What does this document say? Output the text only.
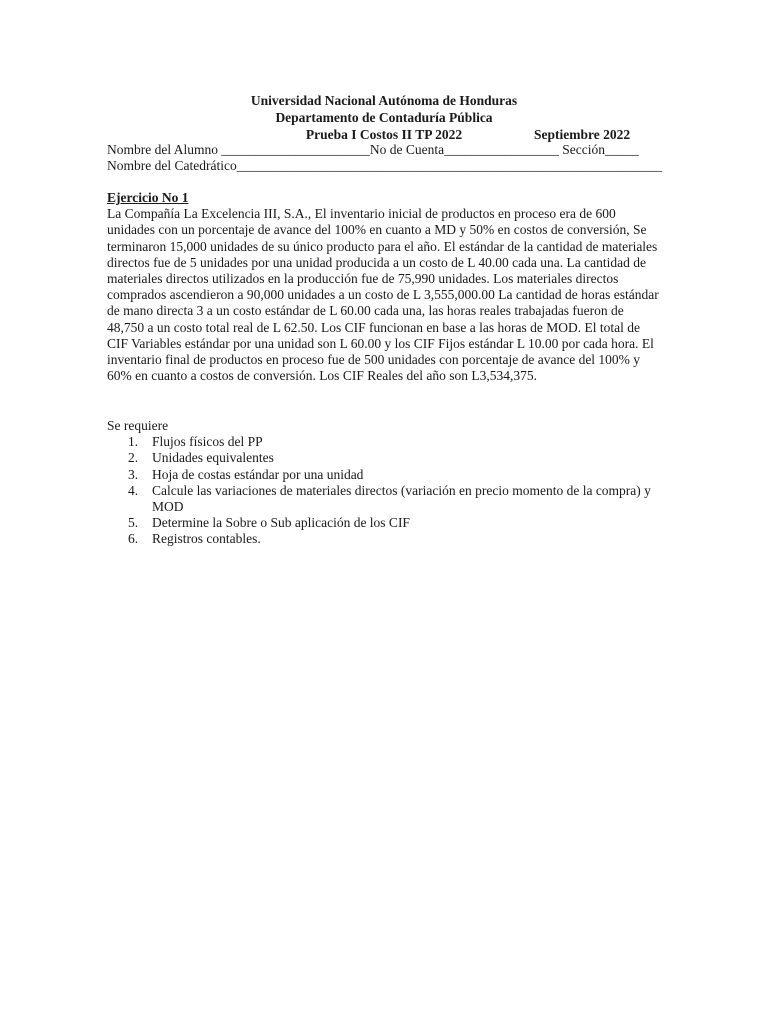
Universidad Nacional Autónoma de Honduras
Departamento de Contaduría Pública
Prueba I Costos II TP 2022	Septiembre 2022
Nombre del Alumno ______________________No de Cuenta_________________ Sección_____
Nombre del Catedrático_______________________________________________________________

Ejercicio No 1

La Compañía La Excelencia III, S.A., El inventario inicial de productos en proceso era de 600 unidades con un porcentaje de avance del 100% en cuanto a MD y 50% en costos de conversión, Se terminaron 15,000 unidades de su único producto para el año. El estándar de la cantidad de materiales directos fue de 5 unidades por una unidad producida a un costo de L 40.00 cada una. La cantidad de materiales directos utilizados en la producción fue de 75,990 unidades. Los materiales directos comprados ascendieron a 90,000 unidades a un costo de L 3,555,000.00 La cantidad de horas estándar de mano directa 3 a un costo estándar de L 60.00 cada una, las horas reales trabajadas fueron de 48,750 a un costo total real de L 62.50. Los CIF funcionan en base a las horas de MOD. El total de CIF Variables estándar por una unidad son L 60.00 y los CIF Fijos estándar L 10.00 por cada hora. El inventario final de productos en proceso fue de 500 unidades con porcentaje de avance del 100% y 60% en cuanto a costos de conversión. Los CIF Reales del año son L3,534,375.

Se requiere
1.	Flujos físicos del PP
2.	Unidades equivalentes
3.	Hoja de costas estándar por una unidad
4.	Calcule las variaciones de materiales directos (variación en precio momento de la compra) y MOD
5.	Determine la Sobre o Sub aplicación de los CIF
6.	Registros contables.
